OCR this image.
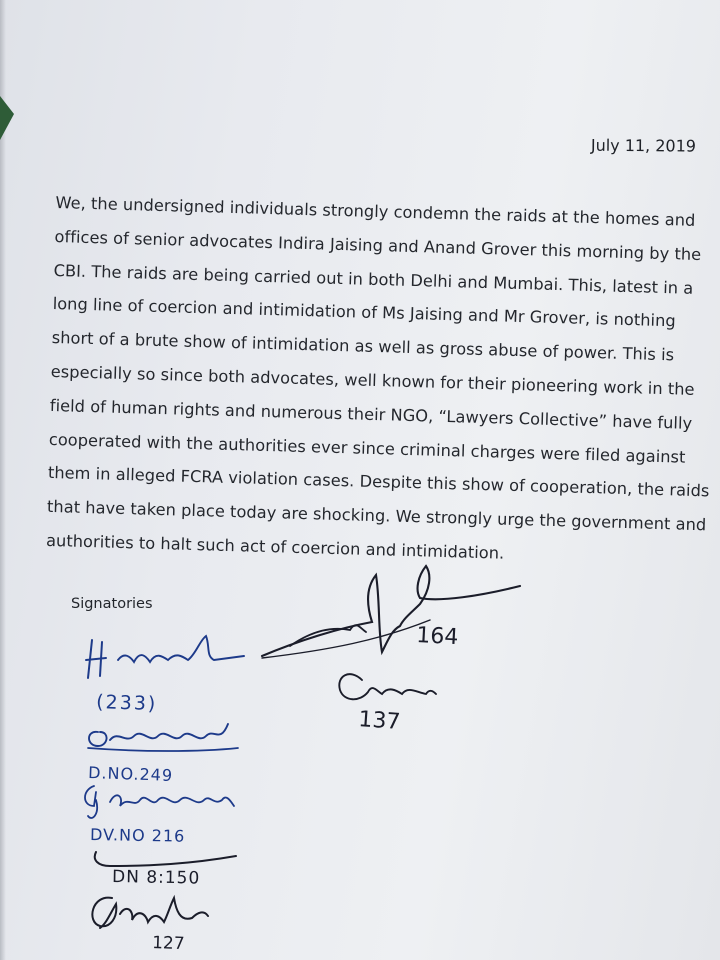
July 11, 2019
We, the undersigned individuals strongly condemn the raids at the homes and
offices of senior advocates Indira Jaising and Anand Grover this morning by the
CBI. The raids are being carried out in both Delhi and Mumbai. This, latest in a
long line of coercion and intimidation of Ms Jaising and Mr Grover, is nothing
short of a brute show of intimidation as well as gross abuse of power. This is
especially so since both advocates, well known for their pioneering work in the
field of human rights and numerous their NGO, “Lawyers Collective” have fully
cooperated with the authorities ever since criminal charges were filed against
them in alleged FCRA violation cases. Despite this show of cooperation, the raids
that have taken place today are shocking. We strongly urge the government and
authorities to halt such act of coercion and intimidation.
Signatories
164
137
(233)
D.NO.249
DV.NO 216
DN 8:150
127
